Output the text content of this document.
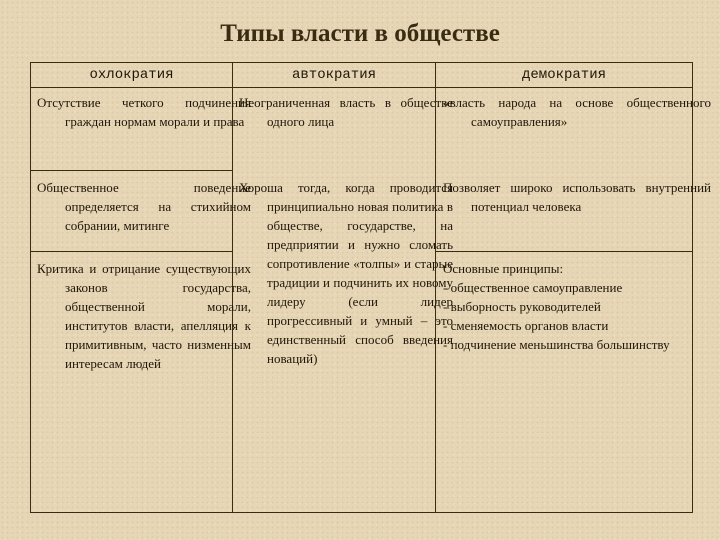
Типы власти в обществе
охлократия	автократия	демократия
Отсутствие четкого подчинения граждан нормам морали и права
Общественное поведение определяется на стихийном собрании, митинге
Критика и отрицание существующих законов государства, общественной морали, институтов власти, апелляция к примитивным, часто низменным интересам людей
Неограниченная власть в обществе одного лица
Хороша тогда, когда проводится принципиально новая политика в обществе, государстве, на предприятии и нужно сломать сопротивление «толпы» и старые традиции и подчинить их новому лидеру (если лидер прогрессивный и умный – это единственный способ введения новаций)
«власть народа на основе общественного самоуправления»
Позволяет широко использовать внутренний потенциал человека

Основные принципы:

- общественное самоуправление

- выборность руководителей

- сменяемость органов власти

- подчинение меньшинства большинству
